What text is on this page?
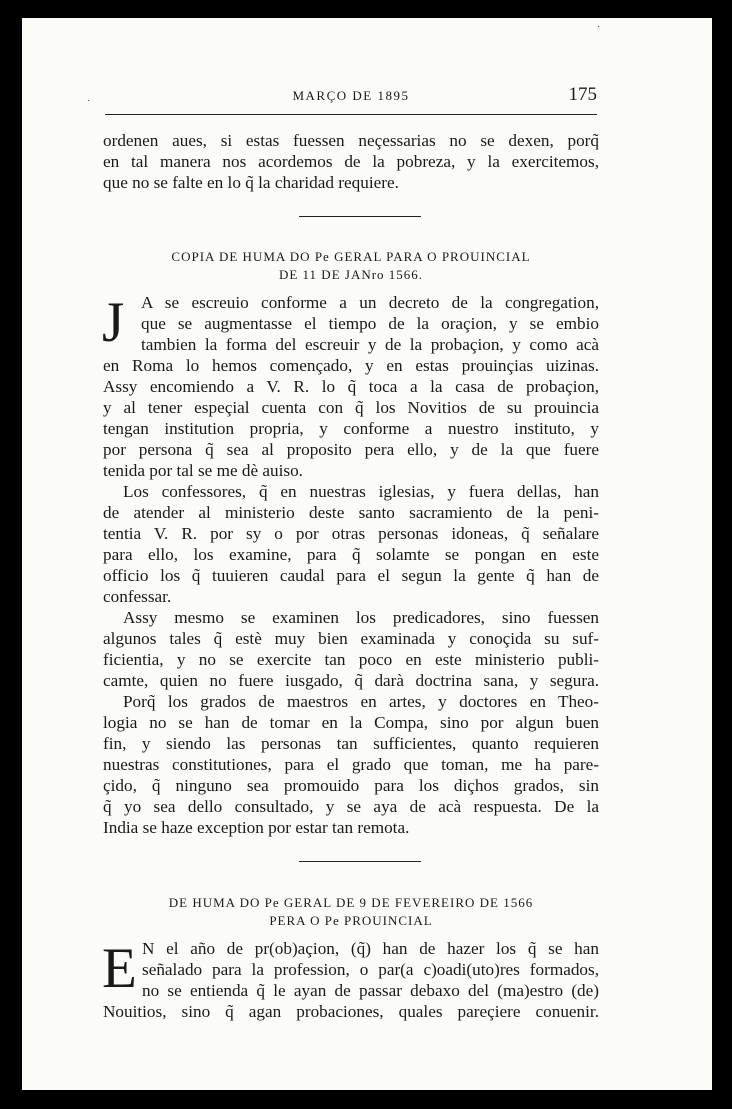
·
·	MARÇO DE 1895	175
ordenen aues, si estas fuessen neçessarias no se dexen, porq̃
en tal manera nos acordemos de la pobreza, y la exercitemos,
que no se falte en lo q̃ la charidad requiere.
COPIA DE HUMA DO Pe GERAL PARA O PROUINCIAL
DE 11 DE JANro 1566.
J A se escreuio conforme a un decreto de la congregation,
que se augmentasse el tiempo de la oraçion, y se embio
tambien la forma del escreuir y de la probaçion, y como acà
en Roma lo hemos començado, y en estas prouinçias uizinas.
Assy encomiendo a V. R. lo q̃ toca a la casa de probaçion,
y al tener espeçial cuenta con q̃ los Novitios de su prouincia
tengan institution propria, y conforme a nuestro instituto, y
por persona q̃ sea al proposito pera ello, y de la que fuere
tenida por tal se me dè auiso.
Los confessores, q̃ en nuestras iglesias, y fuera dellas, han
de atender al ministerio deste santo sacramiento de la peni-
tentia V. R. por sy o por otras personas idoneas, q̃ señalare
para ello, los examine, para q̃ solamte se pongan en este
officio los q̃ tuuieren caudal para el segun la gente q̃ han de
confessar.
Assy mesmo se examinen los predicadores, sino fuessen
algunos tales q̃ estè muy bien examinada y conoçida su suf-
ficientia, y no se exercite tan poco en este ministerio publi-
camte, quien no fuere iusgado, q̃ darà doctrina sana, y segura.
Porq̃ los grados de maestros en artes, y doctores en Theo-
logia no se han de tomar en la Compa, sino por algun buen
fin, y siendo las personas tan sufficientes, quanto requieren
nuestras constitutiones, para el grado que toman, me ha pare-
çido, q̃ ninguno sea promouido para los diçhos grados, sin
q̃ yo sea dello consultado, y se aya de acà respuesta. De la
India se haze exception por estar tan remota.
DE HUMA DO Pe GERAL DE 9 DE FEVEREIRO DE 1566
PERA O Pe PROUINCIAL
E N el año de pr(ob)açion, (q̃) han de hazer los q̃ se han
señalado para la profession, o par(a c)oadi(uto)res formados,
no se entienda q̃ le ayan de passar debaxo del (ma)estro (de)
Nouitios, sino q̃ agan probaciones, quales pareçiere conuenir.
